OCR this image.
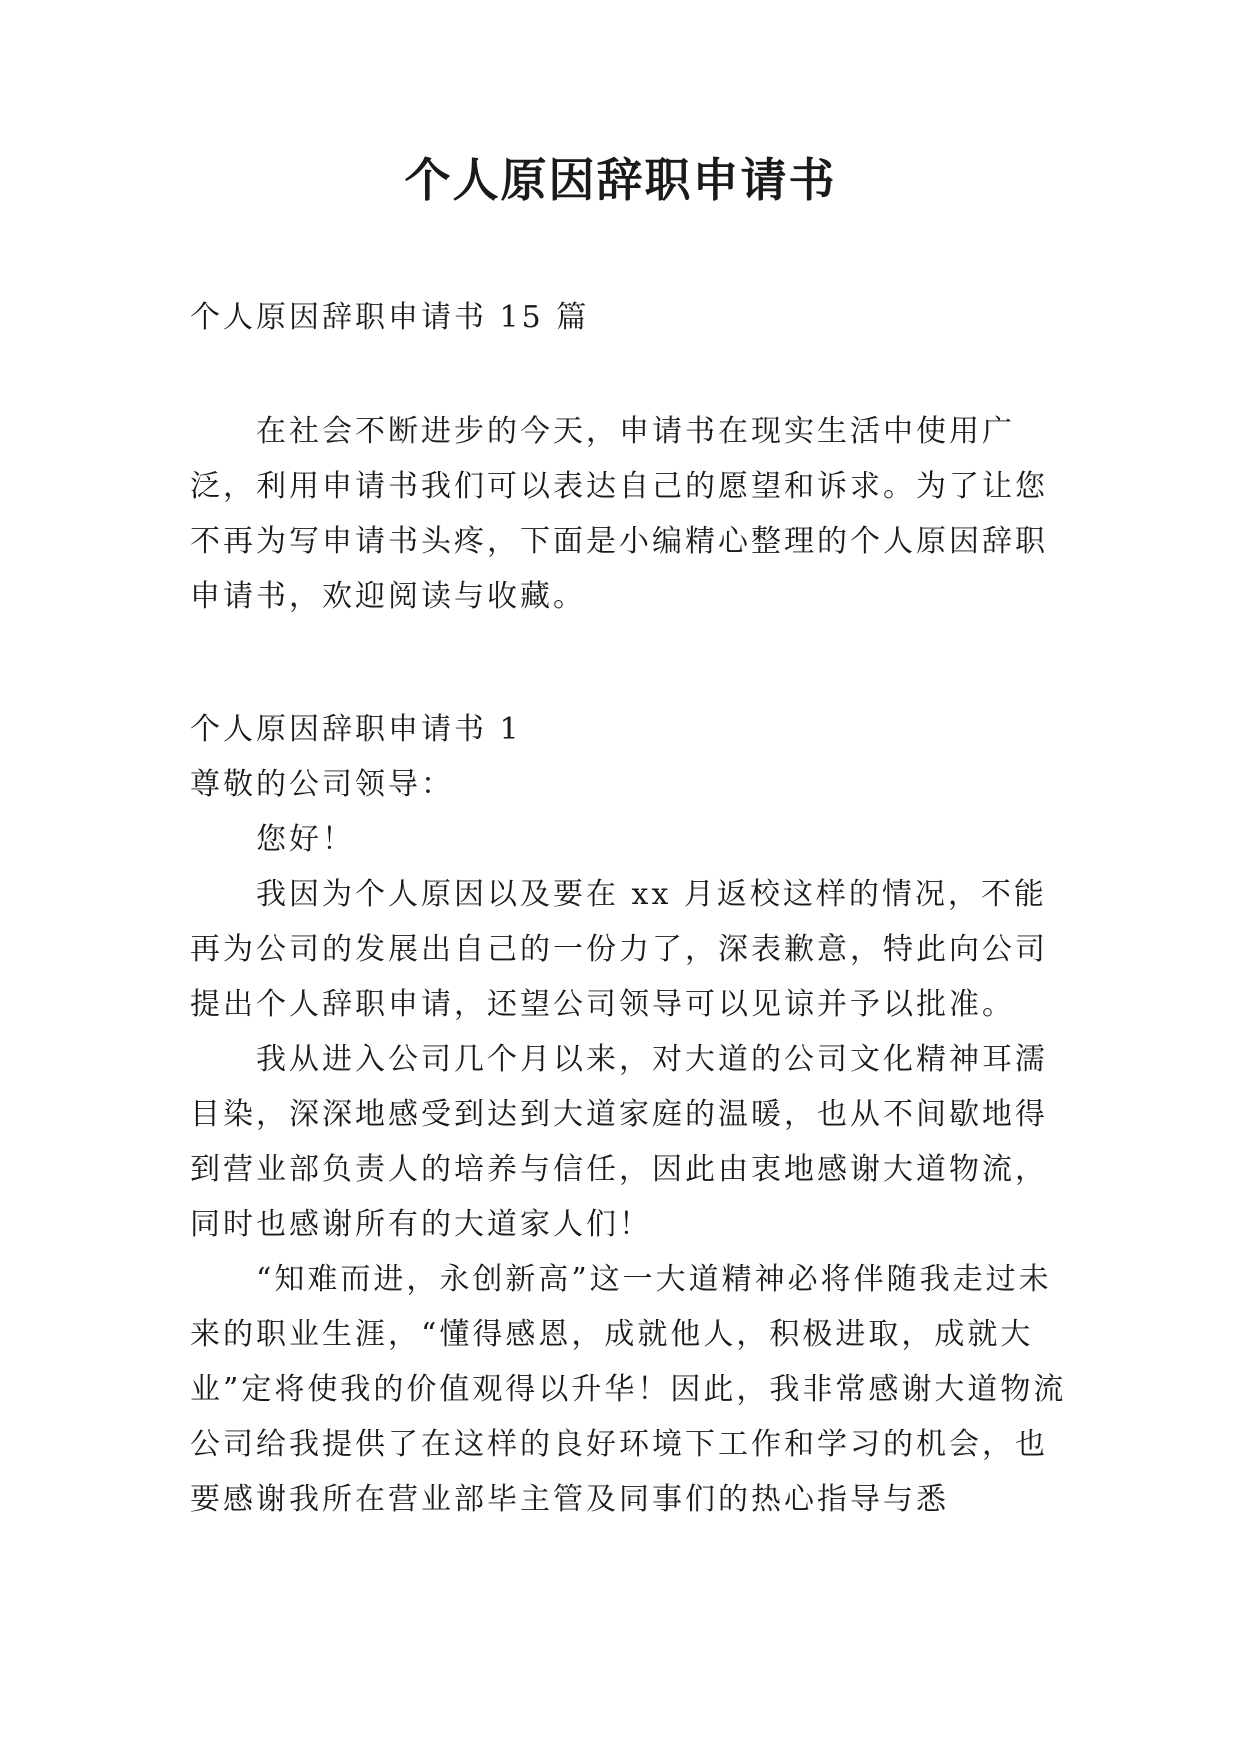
个人原因辞职申请书
个人原因辞职申请书 15 篇
在社会不断进步的今天，申请书在现实生活中使用广泛，利用申请书我们可以表达自己的愿望和诉求。为了让您不再为写申请书头疼，下面是小编精心整理的个人原因辞职申请书，欢迎阅读与收藏。
个人原因辞职申请书 1
尊敬的公司领导：
您好！
我因为个人原因以及要在 xx 月返校这样的情况，不能再为公司的发展出自己的一份力了，深表歉意，特此向公司提出个人辞职申请，还望公司领导可以见谅并予以批准。
我从进入公司几个月以来，对大道的公司文化精神耳濡目染，深深地感受到达到大道家庭的温暖，也从不间歇地得到营业部负责人的培养与信任，因此由衷地感谢大道物流，同时也感谢所有的大道家人们！
“知难而进，永创新高”这一大道精神必将伴随我走过未来的职业生涯，“懂得感恩，成就他人，积极进取，成就大业”定将使我的价值观得以升华！因此，我非常感谢大道物流公司给我提供了在这样的良好环境下工作和学习的机会，也要感谢我所在营业部毕主管及同事们的热心指导与悉
